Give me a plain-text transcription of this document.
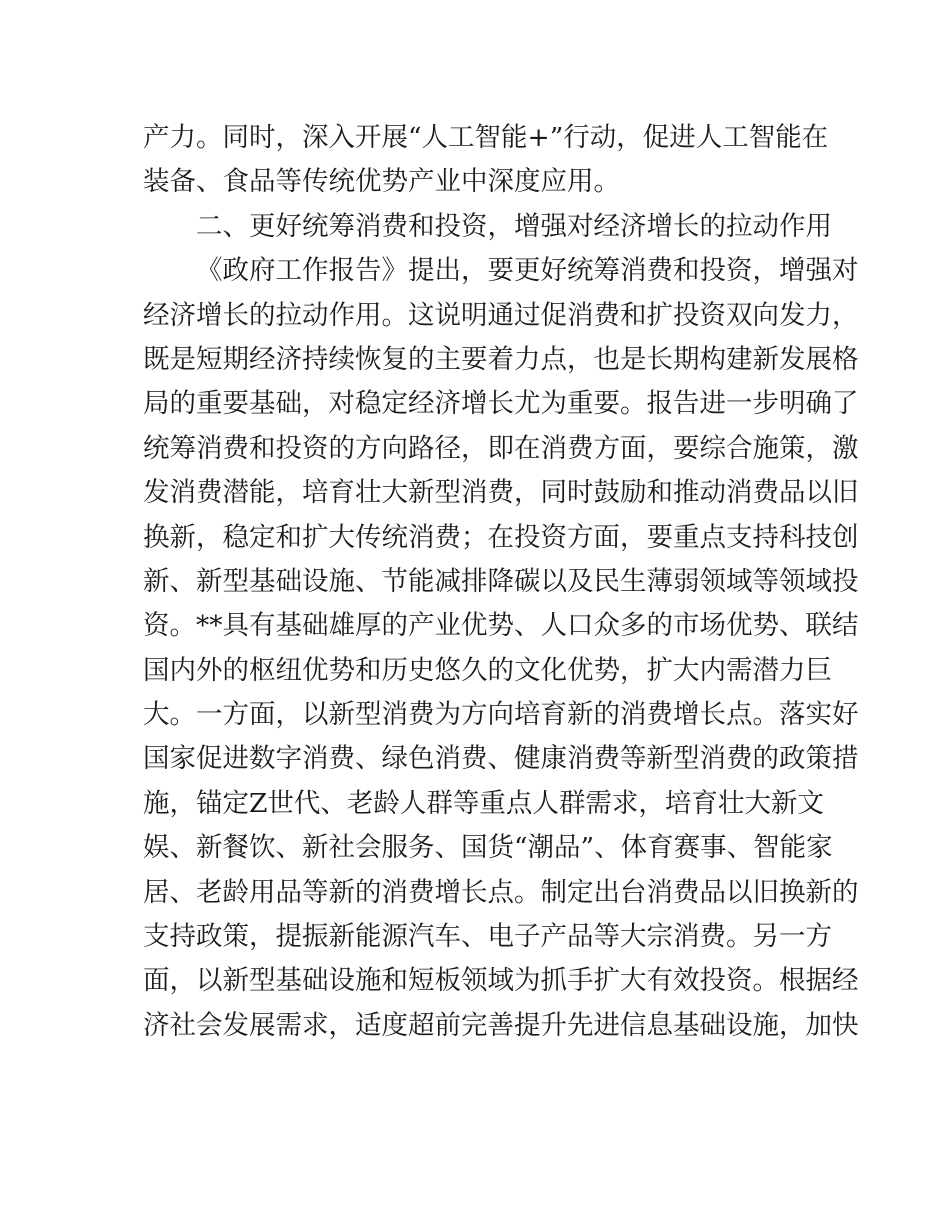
产力。同时，深入开展“人工智能+”行动，促进人工智能在
装备、食品等传统优势产业中深度应用。
二、更好统筹消费和投资，增强对经济增长的拉动作用
《政府工作报告》提出，要更好统筹消费和投资，增强对
经济增长的拉动作用。这说明通过促消费和扩投资双向发力，
既是短期经济持续恢复的主要着力点，也是长期构建新发展格
局的重要基础，对稳定经济增长尤为重要。报告进一步明确了
统筹消费和投资的方向路径，即在消费方面，要综合施策，激
发消费潜能，培育壮大新型消费，同时鼓励和推动消费品以旧
换新，稳定和扩大传统消费；在投资方面，要重点支持科技创
新、新型基础设施、节能减排降碳以及民生薄弱领域等领域投
资。**具有基础雄厚的产业优势、人口众多的市场优势、联结
国内外的枢纽优势和历史悠久的文化优势，扩大内需潜力巨
大。一方面，以新型消费为方向培育新的消费增长点。落实好
国家促进数字消费、绿色消费、健康消费等新型消费的政策措
施，锚定Z世代、老龄人群等重点人群需求，培育壮大新文
娱、新餐饮、新社会服务、国货“潮品”、体育赛事、智能家
居、老龄用品等新的消费增长点。制定出台消费品以旧换新的
支持政策，提振新能源汽车、电子产品等大宗消费。另一方
面，以新型基础设施和短板领域为抓手扩大有效投资。根据经
济社会发展需求，适度超前完善提升先进信息基础设施，加快
